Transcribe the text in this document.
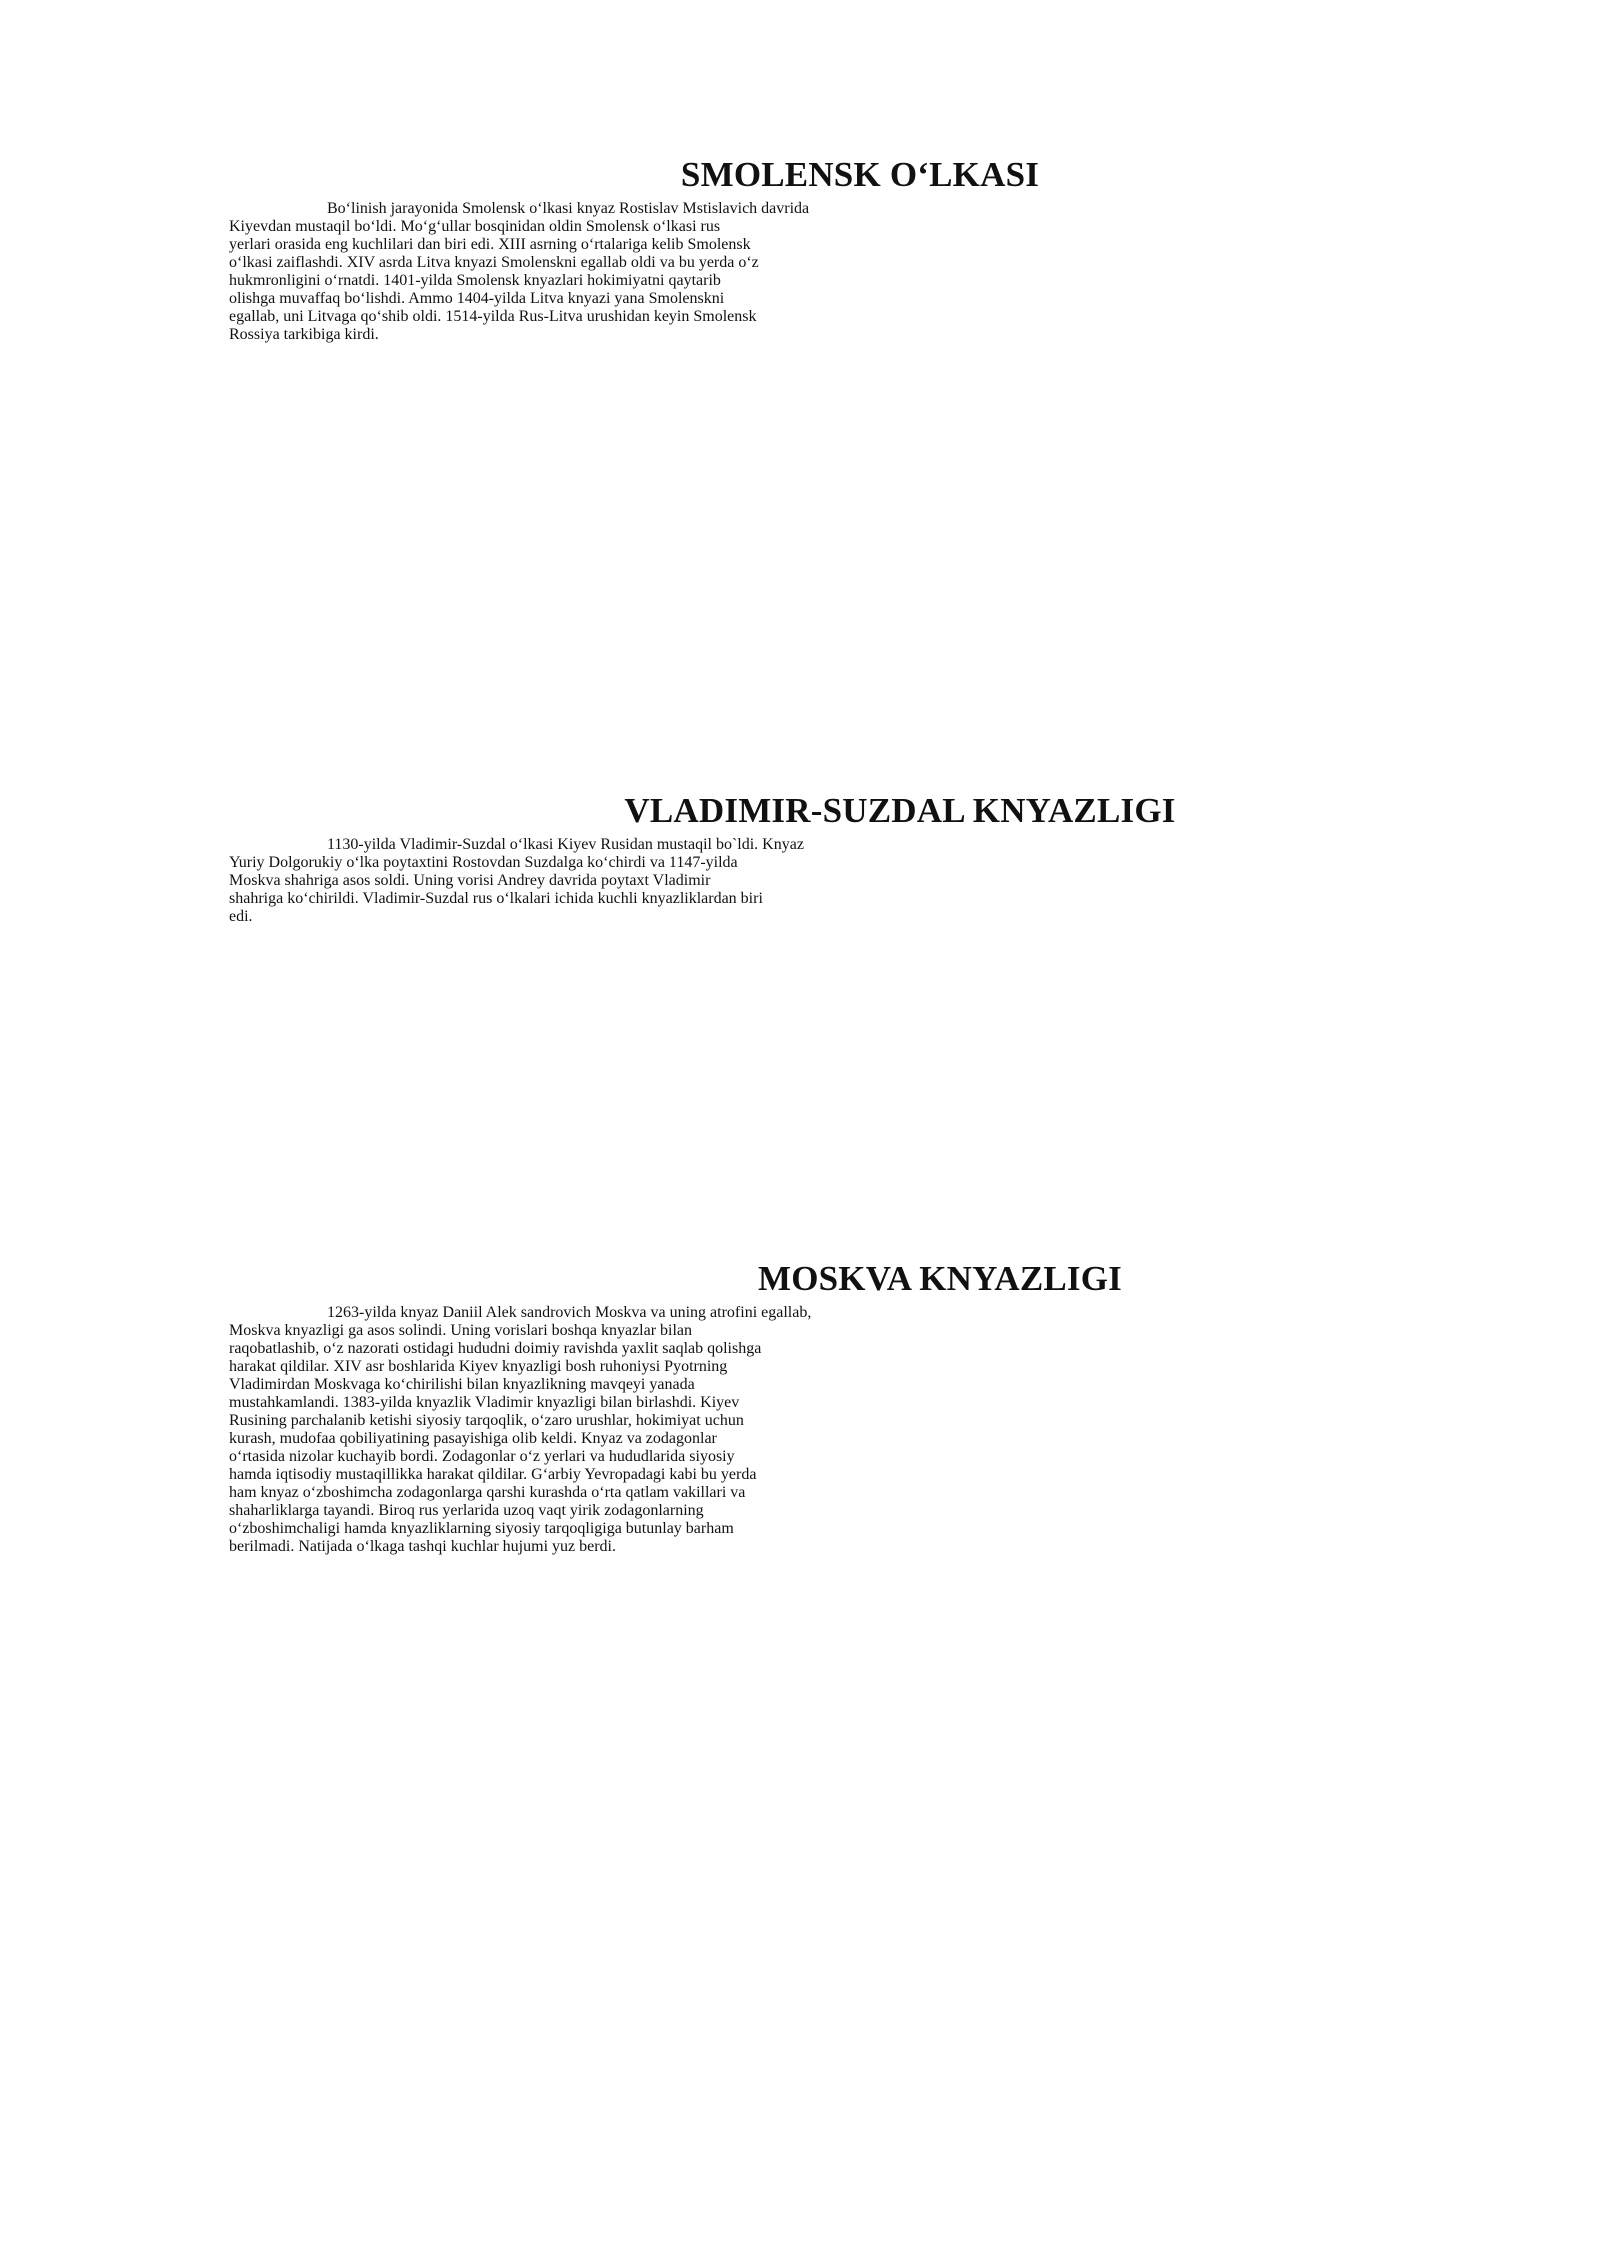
SMOLENSK O‘LKASI
Bo‘linish jarayonida Smolensk o‘lkasi knyaz Rostislav Mstislavich davrida
Kiyevdan mustaqil bo‘ldi. Mo‘g‘ullar bosqinidan oldin Smolensk o‘lkasi rus
yerlari orasida eng kuchlilari dan biri edi. XIII asrning o‘rtalariga kelib Smolensk
o‘lkasi zaiflashdi. XIV asrda Litva knyazi Smolenskni egallab oldi va bu yerda o‘z
hukmronligini o‘rnatdi. 1401-yilda Smolensk knyazlari hokimiyatni qaytarib
olishga muvaffaq bo‘lishdi. Ammo 1404-yilda Litva knyazi yana Smolenskni
egallab, uni Litvaga qo‘shib oldi. 1514-yilda Rus-Litva urushidan keyin Smolensk
Rossiya tarkibiga kirdi.
VLADIMIR-SUZDAL KNYAZLIGI
1130-yilda Vladimir-Suzdal o‘lkasi Kiyev Rusidan mustaqil bo`ldi. Knyaz
Yuriy Dolgorukiy o‘lka poytaxtini Rostovdan Suzdalga ko‘chirdi va 1147-yilda
Moskva shahriga asos soldi. Uning vorisi Andrey davrida poytaxt Vladimir
shahriga ko‘chirildi. Vladimir-Suzdal rus o‘lkalari ichida kuchli knyazliklardan biri
edi.
MOSKVA KNYAZLIGI
1263-yilda knyaz Daniil Alek sandrovich Moskva va uning atrofini egallab,
Moskva knyazligi ga asos solindi. Uning vorislari boshqa knyazlar bilan
raqobatlashib, o‘z nazorati ostidagi hududni doimiy ravishda yaxlit saqlab qolishga
harakat qildilar. XIV asr boshlarida Kiyev knyazligi bosh ruhoniysi Pyotrning
Vladimirdan Moskvaga ko‘chirilishi bilan knyazlikning mavqeyi yanada
mustahkamlandi. 1383-yilda knyazlik Vladimir knyazligi bilan birlashdi. Kiyev
Rusining parchalanib ketishi siyosiy tarqoqlik, o‘zaro urushlar, hokimiyat uchun
kurash, mudofaa qobiliyatining pasayishiga olib keldi. Knyaz va zodagonlar
o‘rtasida nizolar kuchayib bordi. Zodagonlar o‘z yerlari va hududlarida siyosiy
hamda iqtisodiy mustaqillikka harakat qildilar. G‘arbiy Yevropadagi kabi bu yerda
ham knyaz o‘zboshimcha zodagonlarga qarshi kurashda o‘rta qatlam vakillari va
shaharliklarga tayandi. Biroq rus yerlarida uzoq vaqt yirik zodagonlarning
o‘zboshimchaligi hamda knyazliklarning siyosiy tarqoqligiga butunlay barham
berilmadi. Natijada o‘lkaga tashqi kuchlar hujumi yuz berdi.
